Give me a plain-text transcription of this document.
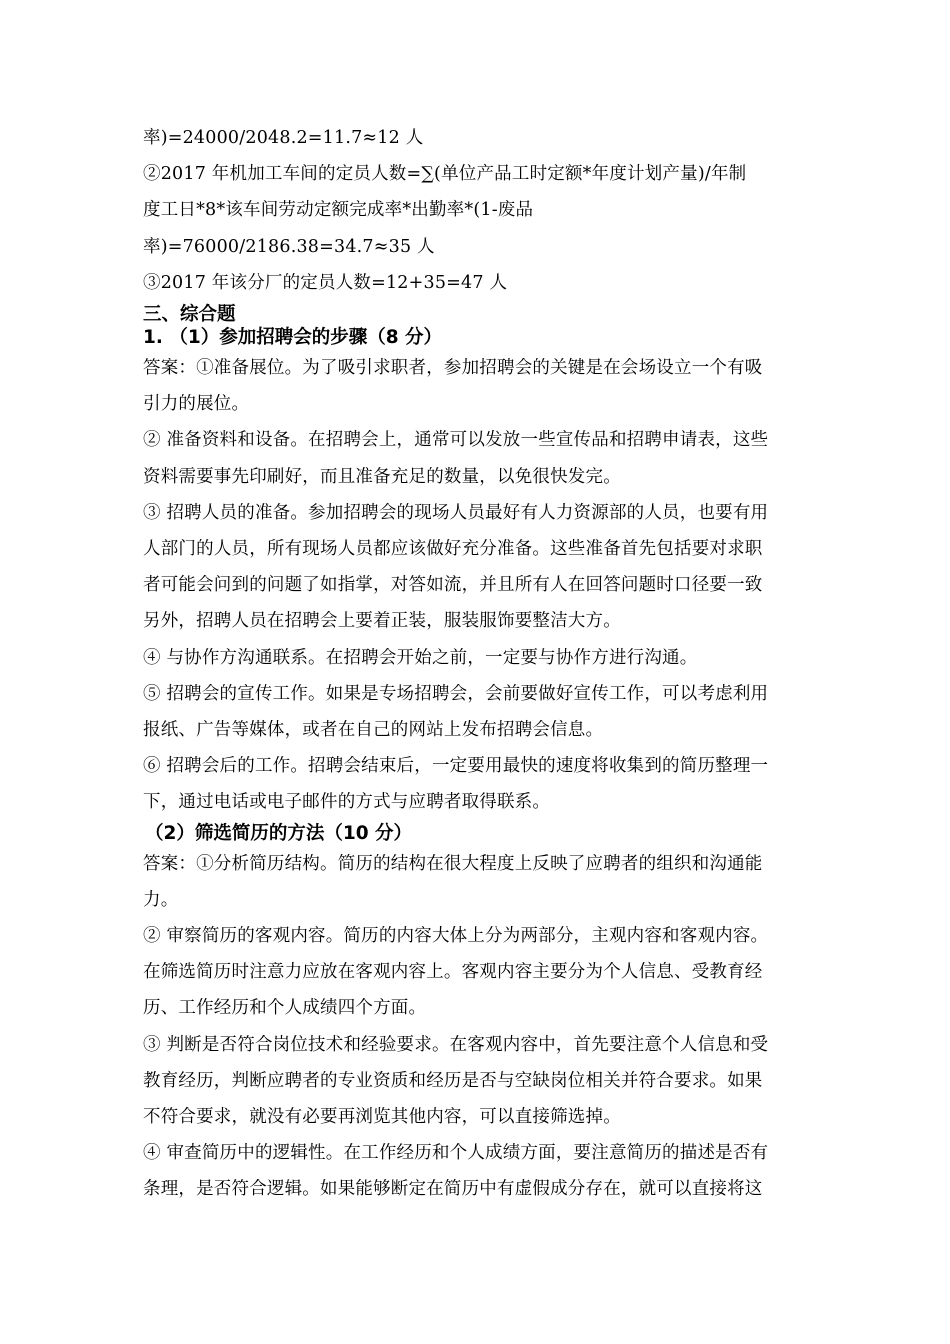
率)=24000/2048.2=11.7≈12 人
②2017 年机加工车间的定员人数=∑(单位产品工时定额*年度计划产量)/年制
度工日*8*该车间劳动定额完成率*出勤率*(1-废品
率)=76000/2186.38=34.7≈35 人
③2017 年该分厂的定员人数=12+35=47 人
三、综合题
1. （1）参加招聘会的步骤（8 分）
答案：①准备展位。为了吸引求职者，参加招聘会的关键是在会场设立一个有吸
引力的展位。
② 准备资料和设备。在招聘会上，通常可以发放一些宣传品和招聘申请表，这些
资料需要事先印刷好，而且准备充足的数量，以免很快发完。
③ 招聘人员的准备。参加招聘会的现场人员最好有人力资源部的人员，也要有用
人部门的人员，所有现场人员都应该做好充分准备。这些准备首先包括要对求职
者可能会问到的问题了如指掌，对答如流，并且所有人在回答问题时口径要一致
另外，招聘人员在招聘会上要着正装，服装服饰要整洁大方。
④ 与协作方沟通联系。在招聘会开始之前，一定要与协作方进行沟通。
⑤ 招聘会的宣传工作。如果是专场招聘会，会前要做好宣传工作，可以考虑利用
报纸、广告等媒体，或者在自己的网站上发布招聘会信息。
⑥ 招聘会后的工作。招聘会结束后，一定要用最快的速度将收集到的简历整理一
下，通过电话或电子邮件的方式与应聘者取得联系。
（2）筛选简历的方法（10 分）
答案：①分析简历结构。简历的结构在很大程度上反映了应聘者的组织和沟通能
力。
② 审察简历的客观内容。简历的内容大体上分为两部分，主观内容和客观内容。
在筛选简历时注意力应放在客观内容上。客观内容主要分为个人信息、受教育经
历、工作经历和个人成绩四个方面。
③ 判断是否符合岗位技术和经验要求。在客观内容中，首先要注意个人信息和受
教育经历，判断应聘者的专业资质和经历是否与空缺岗位相关并符合要求。如果
不符合要求，就没有必要再浏览其他内容，可以直接筛选掉。
④ 审查简历中的逻辑性。在工作经历和个人成绩方面，要注意简历的描述是否有
条理，是否符合逻辑。如果能够断定在简历中有虚假成分存在，就可以直接将这
